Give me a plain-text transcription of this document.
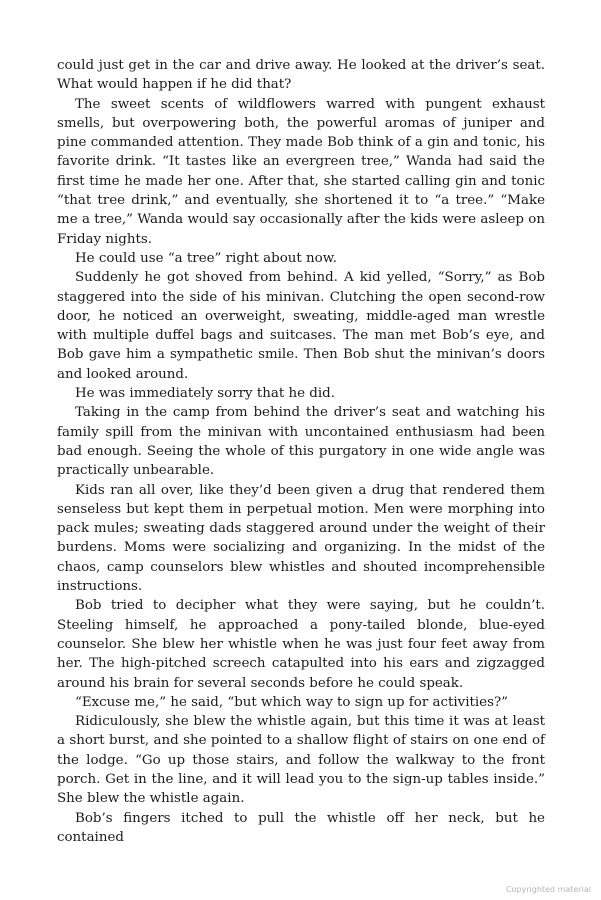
could just get in the car and drive away. He looked at the driver’s seat. What would happen if he did that?

The sweet scents of wildflowers warred with pungent exhaust smells, but overpowering both, the powerful aromas of juniper and pine commanded attention. They made Bob think of a gin and tonic, his favorite drink. “It tastes like an evergreen tree,” Wanda had said the first time he made her one. After that, she started calling gin and tonic “that tree drink,” and eventually, she shortened it to “a tree.” “Make me a tree,” Wanda would say occasionally after the kids were asleep on Friday nights.

He could use “a tree” right about now.

Suddenly he got shoved from behind. A kid yelled, “Sorry,” as Bob staggered into the side of his minivan. Clutching the open second-row door, he noticed an overweight, sweating, middle-aged man wrestle with multiple duffel bags and suitcases. The man met Bob’s eye, and Bob gave him a sympathetic smile. Then Bob shut the minivan’s doors and looked around.

He was immediately sorry that he did.

Taking in the camp from behind the driver’s seat and watching his family spill from the minivan with uncontained enthusiasm had been bad enough. Seeing the whole of this purgatory in one wide angle was practically unbearable.

Kids ran all over, like they’d been given a drug that rendered them senseless but kept them in perpetual motion. Men were morphing into pack mules; sweating dads staggered around under the weight of their burdens. Moms were socializing and organizing. In the midst of the chaos, camp counselors blew whistles and shouted incomprehensible instructions.

Bob tried to decipher what they were saying, but he couldn’t. Steeling himself, he approached a pony-tailed blonde, blue-eyed counselor. She blew her whistle when he was just four feet away from her. The high-pitched screech catapulted into his ears and zigzagged around his brain for several seconds before he could speak.

“Excuse me,” he said, “but which way to sign up for activities?”

Ridiculously, she blew the whistle again, but this time it was at least a short burst, and she pointed to a shallow flight of stairs on one end of the lodge. “Go up those stairs, and follow the walkway to the front porch. Get in the line, and it will lead you to the sign-up tables inside.” She blew the whistle again.

Bob’s fingers itched to pull the whistle off her neck, but he contained

Copyrighted material
